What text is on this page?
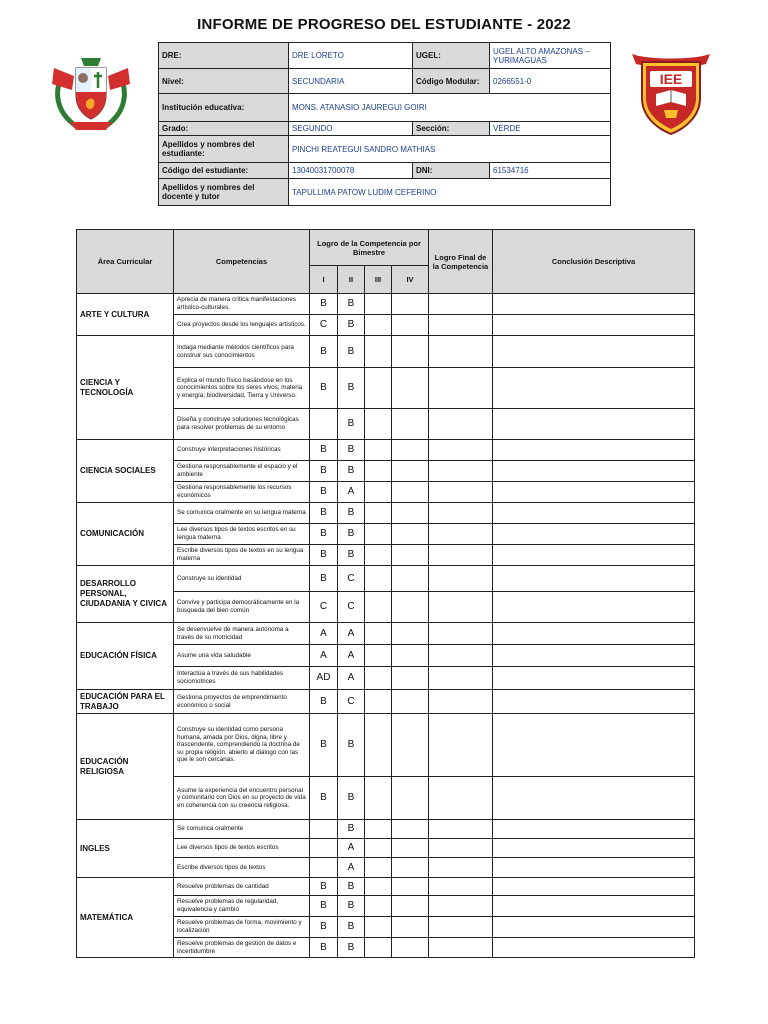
INFORME DE PROGRESO DEL ESTUDIANTE - 2022
IEE
DRE:	DRE LORETO	UGEL:	UGEL ALTO AMAZONAS – YURIMAGUAS
Nivel:	SECUNDARIA	Código Modular:	0266551-0
Institución educativa:	MONS. ATANASIO JAUREGUI GOIRI		
Grado:	SEGUNDO	Sección:	VERDE
Apellidos y nombres del estudiante:	PINCHI REATEGUI SANDRO MATHIAS		
Código del estudiante:	13040031700078	DNI:	61534716
Apellidos y nombres del docente y tutor	TAPULLIMA PATOW LUDIM CEFERINO		
Área Curricular	Competencias	Logro de la Competencia por Bimestre				Logro Final de la Competencia	Conclusión Descriptiva
		I	II	III	IV		
ARTE Y CULTURA	Aprecia de manera crítica manifestaciones artístico-culturales.	B	B				
	Crea proyectos desde los lenguajes artísticos.	C	B				
CIENCIA Y TECNOLOGÍA	Indaga mediante métodos científicos para construir sus conocimientos	B	B				
	Explica el mundo físico basándose en los conocimientos sobre los seres vivos; materia y energía; biodiversidad, Tierra y Universo.	B	B				
	Diseña y construye soluciones tecnológicas para resolver problemas de su entorno		B				
CIENCIA SOCIALES	Construye interpretaciones históricas	B	B				
	Gestiona responsablemente el espacio y el ambiente	B	B				
	Gestiona responsablemente los recursos económicos	B	A				
COMUNICACIÓN	Se comunica oralmente en su lengua materna	B	B				
	Lee diversos tipos de textos escritos en su lengua materna	B	B				
	Escribe diversos tipos de textos en su lengua materna	B	B				
DESARROLLO PERSONAL, CIUDADANIA Y CIVICA	Construye su identidad	B	C				
	Convive y participa democráticamente en la búsqueda del bien común	C	C				
EDUCACIÓN FÍSICA	Se desenvuelve de manera autónoma a través de su motricidad	A	A				
	Asume una vida saludable	A	A				
	Interactúa a través de sus habilidades sociomotrices	AD	A				
EDUCACIÓN PARA EL TRABAJO	Gestiona proyectos de emprendimiento económico o social	B	C				
EDUCACIÓN RELIGIOSA	Construye su identidad como persona humana, amada por Dios, digna, libre y trascendente, comprendiendo la doctrina de su propia religión, abierto al diálogo con las que le son cercanas.	B	B				
	Asume la experiencia del encuentro personal y comunitario con Dios en su proyecto de vida en coherencia con su creencia religiosa.	B	B				
INGLES	Se comunica oralmente		B				
	Lee diversos tipos de textos escritos		A				
	Escribe diversos tipos de textos		A				
MATEMÁTICA	Resuelve problemas de cantidad	B	B				
	Resuelve problemas de regularidad, equivalencia y cambio	B	B				
	Resuelve problemas de forma, movimiento y localización	B	B				
	Resuelve problemas de gestión de datos e incertidumbre	B	B				
